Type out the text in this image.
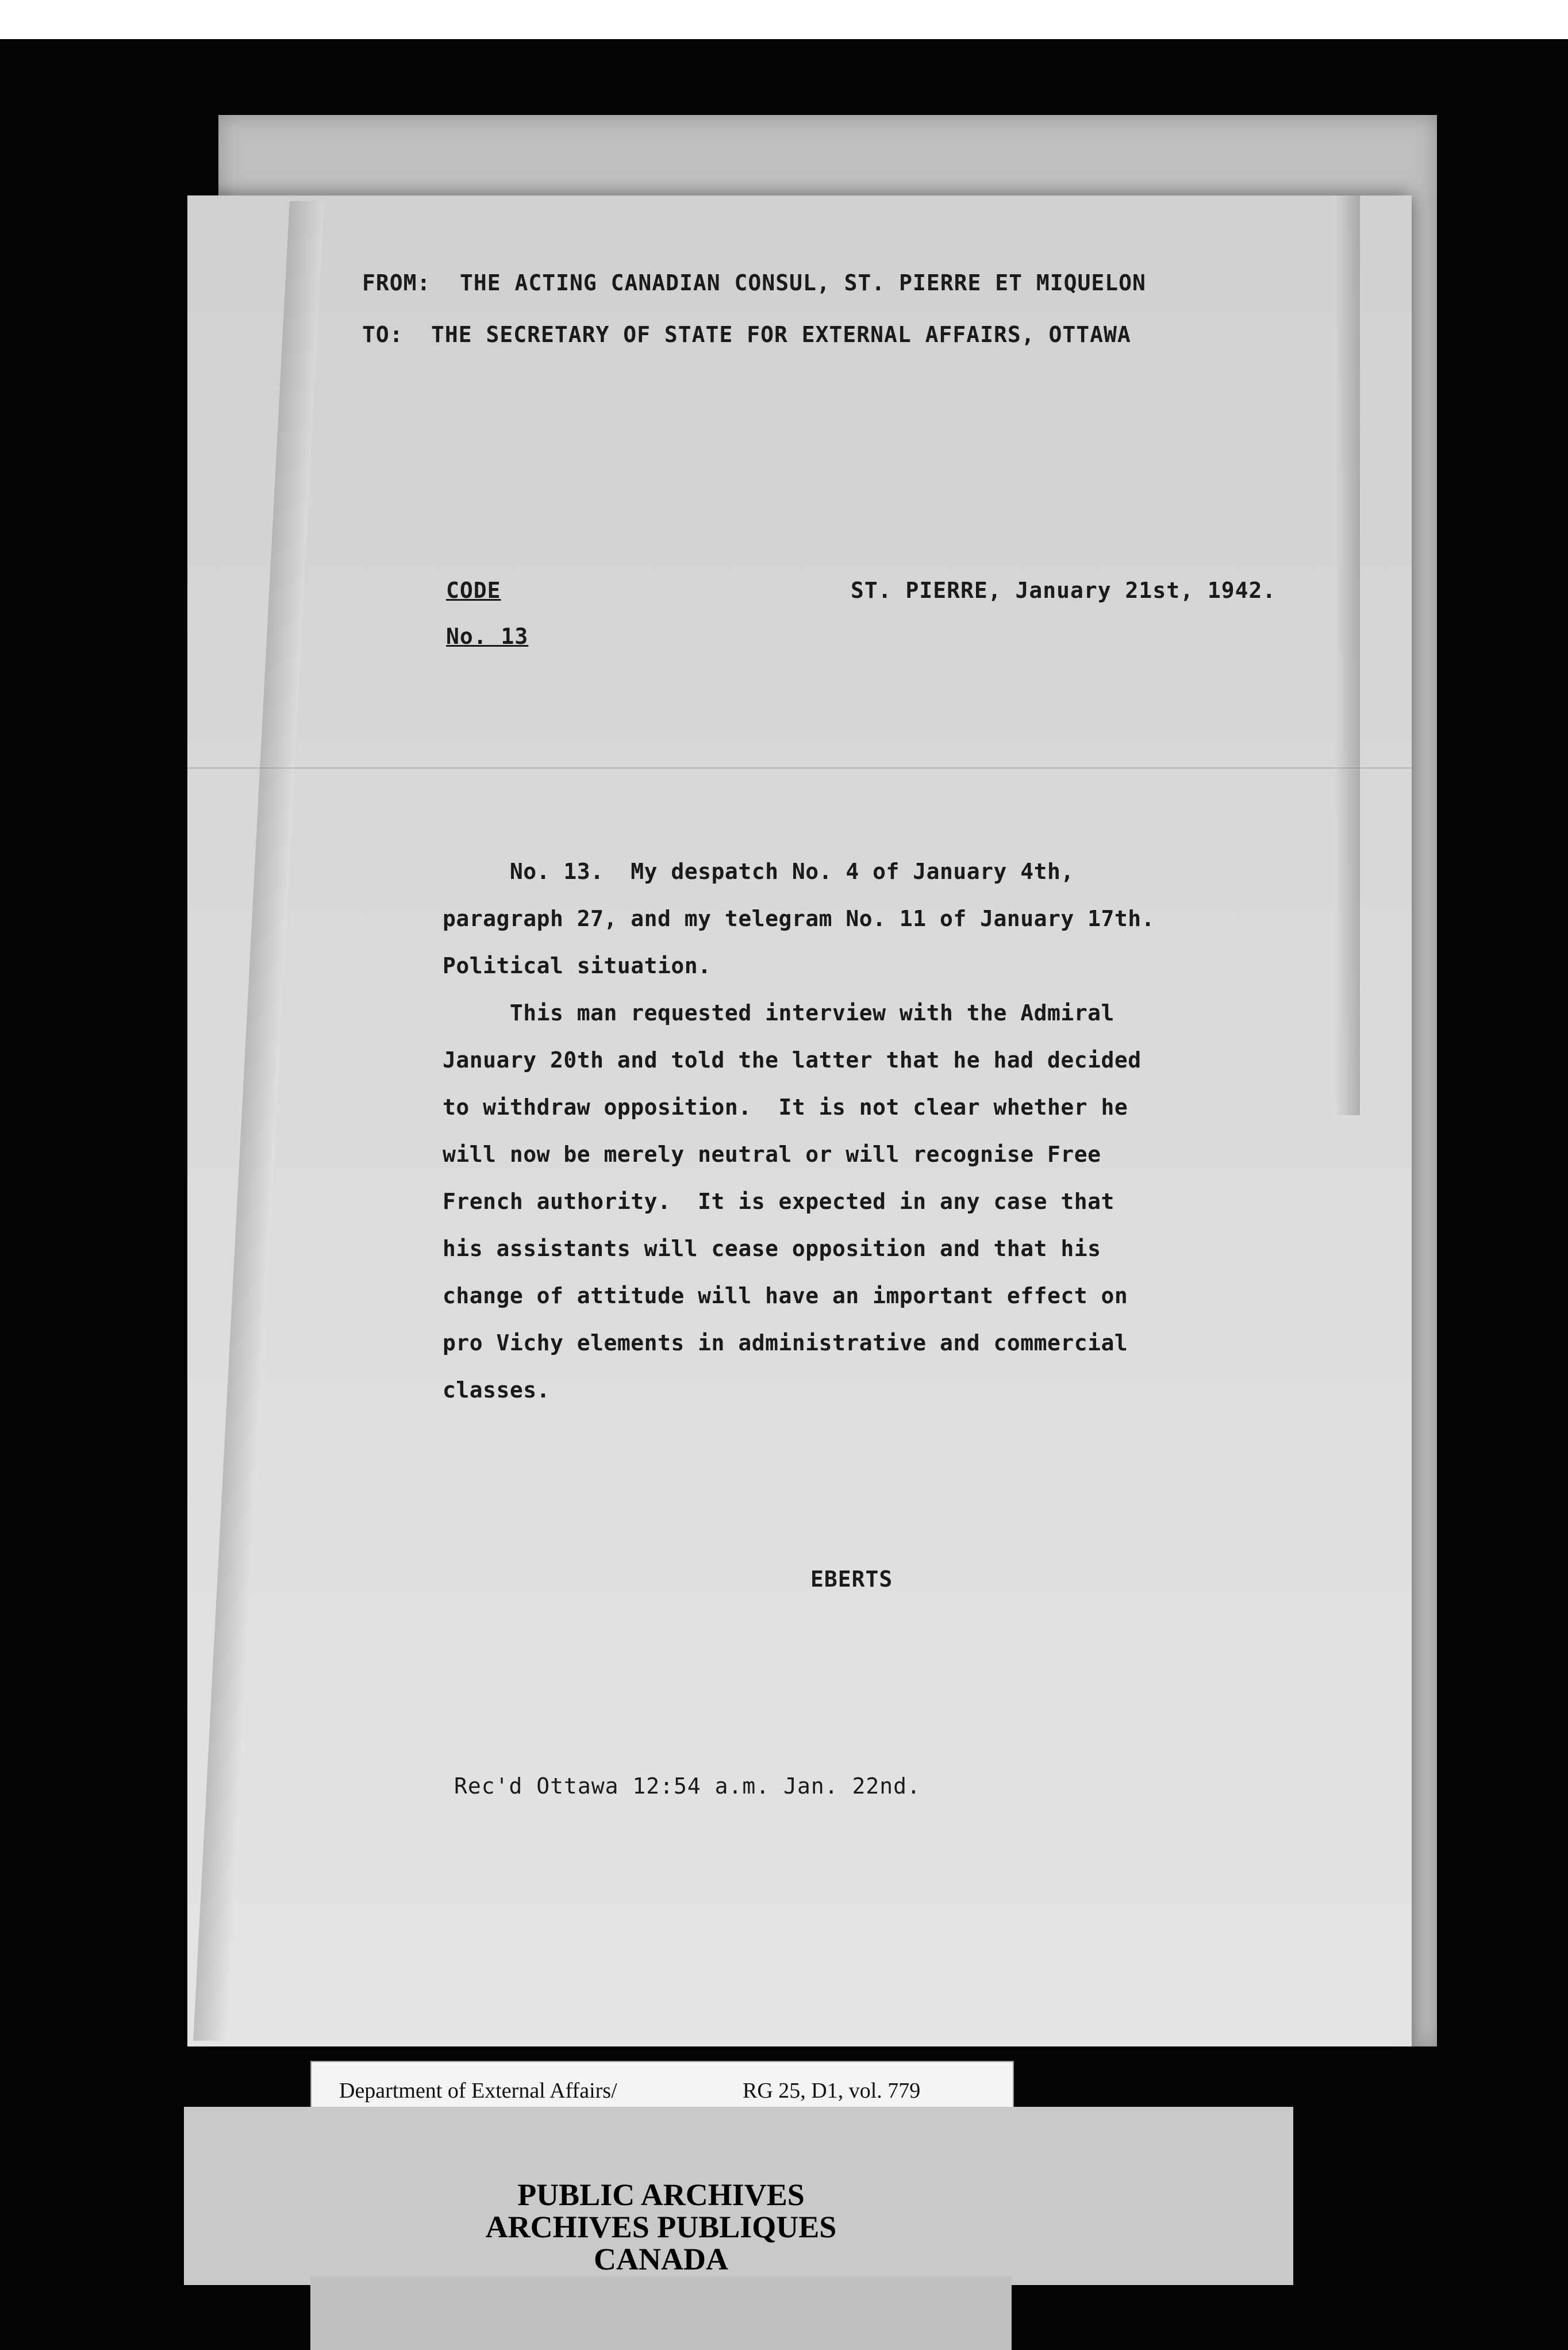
FROM: THE ACTING CANADIAN CONSUL, ST. PIERRE ET MIQUELON
TO: THE SECRETARY OF STATE FOR EXTERNAL AFFAIRS, OTTAWA
CODE
No. 13
ST. PIERRE, January 21st, 1942.

No. 13.  My despatch No. 4 of January 4th,

paragraph 27, and my telegram No. 11 of January 17th.

Political situation.

This man requested interview with the Admiral

January 20th and told the latter that he had decided

to withdraw opposition.  It is not clear whether he

will now be merely neutral or will recognise Free

French authority.  It is expected in any case that

his assistants will cease opposition and that his

change of attitude will have an important effect on

pro Vichy elements in administrative and commercial

classes.

EBERTS
Rec'd Ottawa 12:54 a.m. Jan. 22nd.
Department of External Affairs/	RG 25, D1, vol. 779
PUBLIC ARCHIVES
ARCHIVES PUBLIQUES
CANADA
